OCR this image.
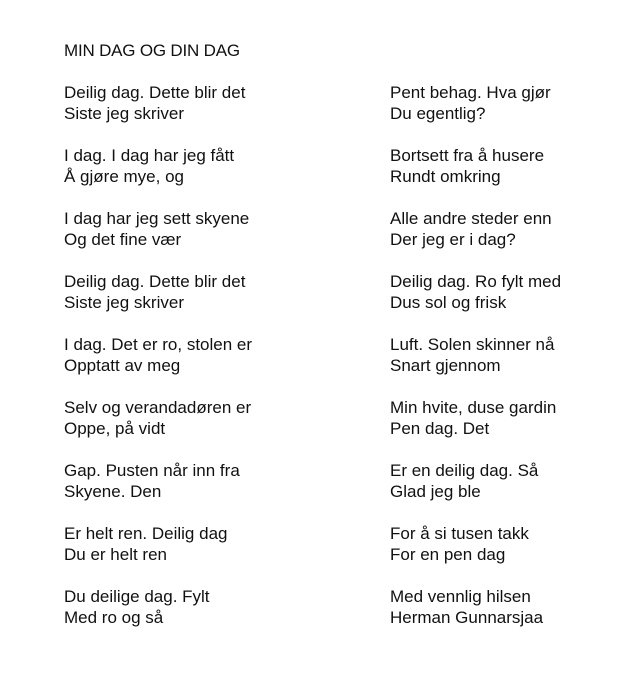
MIN DAG OG DIN DAG
Deilig dag. Dette blir det
Siste jeg skriver
I dag. I dag har jeg fått
Å gjøre mye, og
I dag har jeg sett skyene
Og det fine vær
Deilig dag. Dette blir det
Siste jeg skriver
I dag. Det er ro, stolen er
Opptatt av meg
Selv og verandadøren er
Oppe, på vidt
Gap. Pusten når inn fra
Skyene. Den
Er helt ren. Deilig dag
Du er helt ren
Du deilige dag. Fylt
Med ro og så
Pent behag. Hva gjør
Du egentlig?
Bortsett fra å husere
Rundt omkring
Alle andre steder enn
Der jeg er i dag?
Deilig dag. Ro fylt med
Dus sol og frisk
Luft. Solen skinner nå
Snart gjennom
Min hvite, duse gardin
Pen dag. Det
Er en deilig dag. Så
Glad jeg ble
For å si tusen takk
For en pen dag
Med vennlig hilsen
Herman Gunnarsjaa
